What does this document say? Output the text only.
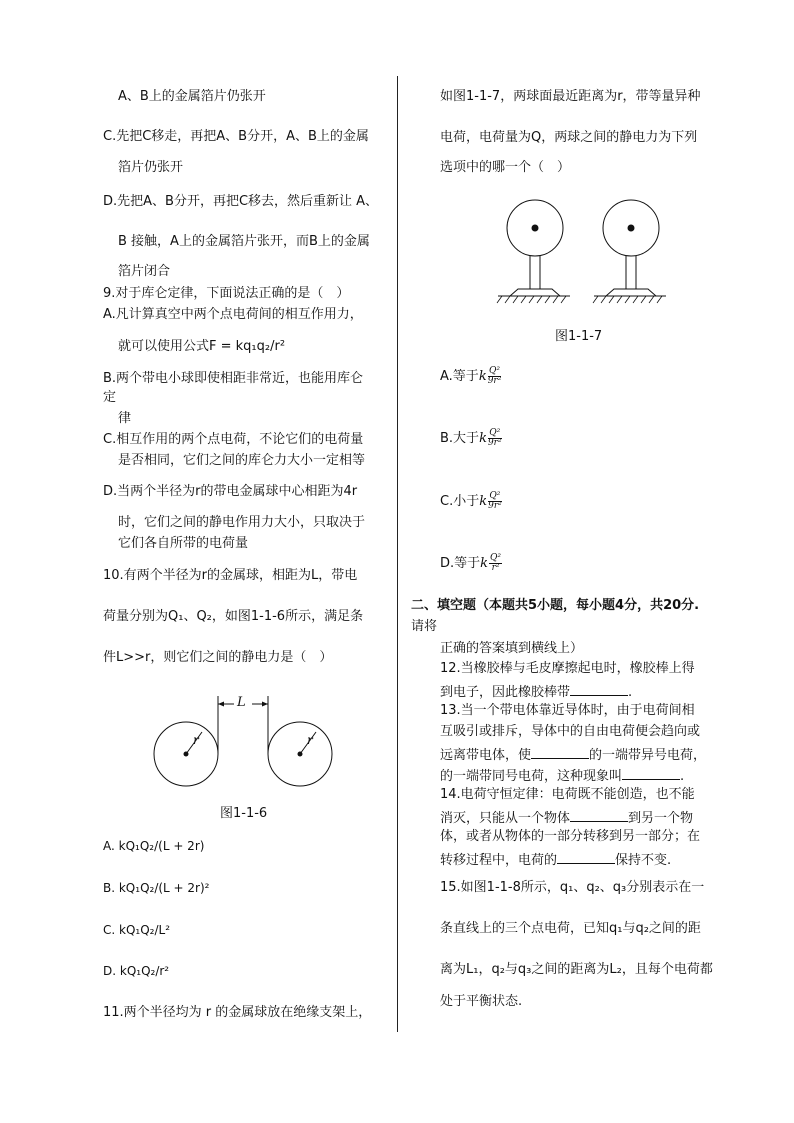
A、B上的金属箔片仍张开
C.先把C移走，再把A、B分开，A、B上的金属
箔片仍张开
D.先把A、B分开，再把C移去，然后重新让 A、
B 接触，A上的金属箔片张开，而B上的金属
箔片闭合
9.对于库仑定律，下面说法正确的是（　）
A.凡计算真空中两个点电荷间的相互作用力，
就可以使用公式F = kq₁q₂/r²
B.两个带电小球即使相距非常近，也能用库仑
定
律
C.相互作用的两个点电荷，不论它们的电荷量
是否相同，它们之间的库仑力大小一定相等
D.当两个半径为r的带电金属球中心相距为4r
时，它们之间的静电作用力大小，只取决于
它们各自所带的电荷量
10.有两个半径为r的金属球，相距为L，带电
荷量分别为Q₁、Q₂，如图1-1-6所示，满足条
件L>>r，则它们之间的静电力是（　）
L
r	r
图1-1-6
A. kQ₁Q₂/(L + 2r)
B. kQ₁Q₂/(L + 2r)²
C. kQ₁Q₂/L²
D. kQ₁Q₂/r²
11.两个半径均为 r 的金属球放在绝缘支架上，
如图1-1-7，两球面最近距离为r，带等量异种
电荷，电荷量为Q，两球之间的静电力为下列
选项中的哪一个（　）
图1-1-7
A.等于k $\frac{\text{Q²}}{\text{9r²}}$
B.大于k $\frac{\text{Q²}}{\text{9r²}}$
C.小于k $\frac{\text{Q²}}{\text{9r²}}$
D.等于k $\frac{\text{Q²}}{\text{r²}}$
二、填空题（本题共5小题，每小题4分，共20分.
请将
正确的答案填到横线上）
12.当橡胶棒与毛皮摩擦起电时，橡胶棒上得
到电子，因此橡胶棒带	.
13.当一个带电体靠近导体时，由于电荷间相
互吸引或排斥，导体中的自由电荷便会趋向或
远离带电体，使	的一端带异号电荷，
的一端带同号电荷，这种现象叫	.
14.电荷守恒定律：电荷既不能创造，也不能
消灭，只能从一个物体	到另一个物
体，或者从物体的一部分转移到另一部分；在
转移过程中，电荷的	保持不变.
15.如图1-1-8所示，q₁、q₂、q₃分别表示在一
条直线上的三个点电荷，已知q₁与q₂之间的距
离为L₁，q₂与q₃之间的距离为L₂，且每个电荷都
处于平衡状态.
